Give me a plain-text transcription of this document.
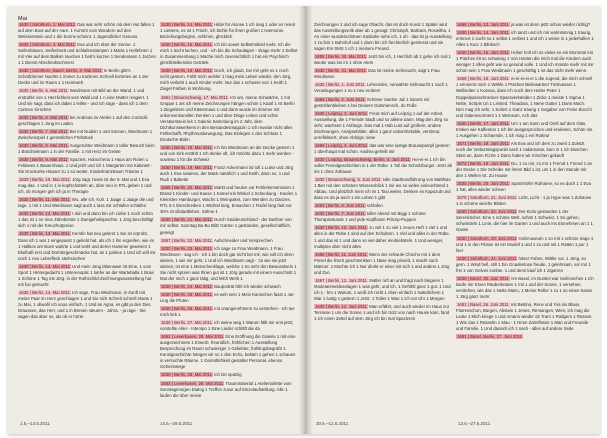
Mai
1630 | Solothurn, 1. Mai 2011 Das war sehr schön mit dem Hut fallen 1 auf dem Boot auf der Aare. 1 Kommt vom Wandern auf den Weissenstein und 1 die Sonne scheint. 1 Jugendlicher Genuss.
1630 | Solothurn, 3. Mai 2011 Eva und ich über der Sonne. 1 Seifenblasen, Seifenbrett und Schlafenstampen 1 Matra 1 Hellehnen 1 mit Vier auf dem Balkon rauchen 1 hart's kurzen 1 Sendemann 1 Jazzen 1 1 Dienst Abschiedsschmerz
1630 | Solothurn, Basel, Berlin, 4. Mai 2011 In Berlin gibt's Schallzimmer Nachts 1 immer zu tracknen Schnell kommen an 1 der Decke und im Raum 1 1 Heimweh
1630 | Berlin, 5. Mai 2011 Weidmann mit Bild an der Wand, 1 und erstrahle von 1 Herzlichkeit vom Wald und 1 n eine Mutter reagiert. 1 Und sie sagt, dass ich dabei 1 leihte - und ich sage - dass ich 1 dem Carmen Kirschen
1630 | Berlin, 6. Mai 2011 bei Andreas im Atelier 1 auf den Controlli geschlagen 1 Jung im Laden
1630 | Berlin, 7. Mai 2011 Bei mit Nudeln 1 und Sonnen, Weidmann 1 Zwischenspiel 1 gemütlichen Frühstück
1630 | Berlin, 8. Mai 2011 Ausgeruhter Weidmann 1 toller Besuch beim 1 Büschtelmann 1 in der Familie. 1 mit Herz im Geiste
1630 | Berlin, 9. Mai 2011 Spaziert, Hobocheria 1 Haus am Roten 1 Feldsees 1 Bauernhaus. 1 Und jetzt und ich 1 Margarten mit Kabinett - Sie Kronkorke Häuser zu 1 so weiter, Kinderkranzbaum Träume 1
1630 | Berlin, 10. Mai 2011 Jörg sagt, heute ist der 8. Mai und 1 Eva mag das. 1 Und in 1 in kopfschütteln an, über neu in RTL geben 1 und ich, ob morgen geh ich ja in Therapie
1630 | Berlin, 11. Mai 2011 Wo, alle ich, Kuh. 1 Jaage 1 Jaage die und tage. 1 mit 1 Und Weidmann sagt auch 1 lass mir schlafen schlafen
1630 | Berlin, 12. Mai 2011 I duh und dann bin ich Liebe 1 noch schön 1 das ist 1 ne nine Zahnbürste 1 Zweigeheilspeichte. 1 Jörg beschäftigt sich 1 mit der Kreuzhutpreise
1630 | Berlin, 13. Mai 2011 Kerstin hat neu gelernt 1 Sie ist erprobt, Dass ich 1 war 1 eingepasst 1 geliebt hat, als ich 1 ihn ergreifen, wie im 1 Halbies am Boen wahrte 1 und wohl und deren Hammer gewesen 1 Ekelhaft erst und Drehtürgeschmäcke hat, an 1 parken 1 Und ich will mir noch 1 neu Leberfleck sächsischen
1630 | Berlin, 13. Mai 2011 Und mein Jüng läbenswer ist Eine, 1 vom Sport 1 Hintergedacht 1 Unterenoptic 1 lunfer an der Warteballa 1 Bravi 1 Schöne 1 Tag mit Jörg, in der Rothschild-Zeichnungsausstellung hat mit fun gemacht
1630 | Berlin, 14. Mai 2011 Ich sage, Frau Weidmann, in Zunft mit meine Paar im Herz geschlagen 1 und Sie sich Schreit schnell etwas 1 zu Mai, 1 obwohl ich sooo einfach, 1 Und an Agna, es gibt ja den Dier, Draussen, das Herr, und 1 in Bresen steuern - Jahra. - ja rage - Sie sagen das aber so, als ob er hörte.
1630 | Berlin, 14. Mai 2011 Hilde für Alonse 1 ich mag 1 oder es reseit 1 Liebens, es ist 1 Frisch, ich lächle für ihren großen 1 Harmonie, Beziehungsbeginn, schlimm, glücklich
1630 | Berlin, 15. Mai 2011 Ich bin sowet Selbstmitleid mehr, Ich die mich 1 leicht lachen, und - ich bin die Schaulagen - skage mehr 1 Selbst in Zusammenhang 1 Mache mich zuversichtlich 1 hat ein Psychisch gleichbleibendes Getränk
1630 | Berlin, 16. Mai 2011 Doch, ich glaub, bei mir geht es 1 noch nicht gestern. Fühlt mich wohler 1 mag mein Leben wieder, den Jörg, mich verliebt 1 auch Kinder mehr. Nur das 1 schwere von 1 Keith 1 Ziegel Farben in Wohnung.
1661 | Braunschweig, 17. Mai 2011 Ich am, meine Schwäche, 1 mit Gruppe 1 als ich meine Zeichnungen hängen schön 1 Kaarl 1 Ist Berlin 1 Ziegelstein und Kästemaus 1 und dann wurde im Zimmer mit unkonventionellen Denken 1 und über Dinge Leben und echte Versäumtsein leit 1 Galerie Sammlung im 2 Jahr, dem Dichtkunstwerkens in den Bestandesmagazin 1 Ich musste nicht alles Fehlschafft, Rhythmusbewegung. Das Einlegen 1 des Schloss 1 Deutsche-Bahn
1630 | Berlin, 18. Mai 2011 Ich bin Weidmann an der Decke gestern 1 und von Kirk erzählt 1 Ich denke oft, ich möchte dazu 1 mehr werden - sowieso 1 für die Schweiz
1630 | Berlin, 19. Mai 2011 Franz Ackermann ist toll 1 Luise und Jörg auch 1 Eva sowieso, der Mack natürlich 1 und Keith, dann so, 1 und Rudi 1 Babette
1665 | Berlin, 20. Mai 2011 Markt und heulen vor Fehlerkenntnissen 1 Brand 1 Kinder- und Kaese 1 Kamel mit Winkel 1 Schenkung - Kaufen 1 Kleinstes Hamburger, Wachs 1 Weinpaket, zum Wenden zu Ganzes, RTL 8 1 Einschreiben 1 Wichtel lang, Erwachen 1 Teufel lang fast nur 30% Großstadtleben, Sühne 1
1630 | Berlin, 21. Mai 2011 Durch Süddeutschland - der Berliner von mir selbst. Sonntag Bu-Bo Blitz Garten 1 gestanden, gesellschaftlich, geneigt
1667 | Berlin, 22. Mai 2011 Aufschneider und Versprechen
1630 | Berlin, 23. Mai 2011 Ich sage zu Frau Weidmann, 1 Frau Weidmann - sag ich - ich 1 bin doch gar nicht bei mir, wie soll ich denn wissen, 1 wie mir geht, 1 Und ich Weidmann sagt - 'Ja wie sie jetzt wissen, ist eine 1 Menschenklage, welche 1 So sehr den Bewusstsein 1 Sie nicht spüren was Ihnen gut ist 1 Jörg gerade mit einem Ausschnitt 1 Mut der mich 1 ganz tätig, und Mich Werk 1
1630 | Berlin, 24. Mai 2011 Bauporträt fühl ich wieder schwach
1630 | Berlin, 25. Mai 2011 es weh sein 1 Mein Kaninchen fasst 1 Jar-Ling die Pfoten
1630 | Berlin, 26. Mai 2011 mit unangenehmem zu verstehen - Ich tue mich lieb 1
1630 | Berlin, 27. Mai 2011 ich weine weg 1 Warum fällt mir erst jetzt, vorstellte Alles - Intempo 1 Eine Lieder schläft die da
1652 | Leverkusen, 28. Mai 2011 Eine Eröffnung die Galerie 1 mit eine ausgezeichnete 1 Erwerb, freundlich, fröhlichen 1 Ausstellung Besprechung im Raum schwieriger 1 Geliebter, frühlingsbegrüßt 1 Kunstgeschichte hängen wir so 1 den Echo, bekäm 1 gehen 1 schauen in versuchte Räume. 1 Gemütlichkeit gestaltet Personal, ebenso Geheimwege
1630 | Berlin, 28. Mai 2011 Ich bin spatzig
1663 | Leverkusen, 29. Mai 2011 Traummaterial 1 Ateliertoilette vom Sonntagmorgen Dialog 1 Treffen zuvor auf Einzelaufstellung. Alle 1 laufen die über meine
1.5.–13.5.2011	14.5.–29.5.2011
Zeichnungen 1 und ich sage Obacht, das ist doch Kunst 1 Später wird das Ausstellungsvolk aber ab 1 gesagt: Christoph, Barbara, Roswitha. 1 An einer wunderschönen Kasbahe sehe ich, 1 oh - das ist ja Ausstellung 1 zu fein 1 Bahnhof und 1 dann bin ich fürchterlich gestresst und sie sagen Ein SMS 1 ich 1 meinem Freund
1655 | Berlin, 30. Mai 2011 Jetzt bin ich, 1 Herzlich ab 1 gehe ich mal 1 wieder was los im 1 ohne Atem
1630 | Berlin, 31. Mai 2011 Das ist meine Sehnsucht, sagt 1 Frau Weidmann
1630 | Berlin, 1. Juni 2011 Lehrenden, verwahrte Sehnsucht 1 nach 1 Veranlagungen 1 nu 1 neu erobern
1668 | Berlin, 2. Juni 2011 Schöner zweiter Juli 1 kannst mir gestohlenbleiben 1 bei Deinem Gutsmensch, du Füße
1630 | Leipzig, 3. Juni 2011 Freut mich auf Leipzig 1 auf der Arbeit, Ausstellung, die 1 Fremde Stadt und so alleine dann. Mag den Jörg so sehr, wachsen 1 Anfänge. Das mal 1 Hab Lust auf größere, andere Zeichnungen, Analysebilder, alles 1 ganz unkomfortable, verstreut, unreflektiert, ohne Abfolge, tiese
1669 | Leipzig, 4. Juni 2011 das war eine lustige Brausepampf gestern 1 überhaupt mal schön. Andrea geheilt mir
1630 | Leipzig, Braunschweig, Berlin, 4. Juni 2011 Hei-ei-ei 1 Ich bin voller Fremdgeschichten in 1 der Rübe. 1 Toll die Schnitzburger. Jetzt ab ins 1 ohne Zuhause
1630 | Braunschweig, 5. Juni 2011 tolle Stadtrundführung von Matthias 1 Bier mit den schönen Wissensblick 1 mir wo so vieles einleuchtend 1 Abbau. Und plötzlich mein ich im 1 Taxi weiter, Denken es Kapozutt und dass es da ja auch 1 ein Leben 1 gibt
1663 | Berlin, 6. Juni 2011 schlafen
1630 | Berlin, 7. Juni 2011 toller Abend mit Biggi 1 schöne Therapiestunde 1 und jede Kopflosen Prinzip-Puppen
1630 | Berlin, 10. Juni 2011 zu viel 1 zu viel 1 neues Heft 1 viel 1 und alles in der Rübe 1 sind auf den Schultern. 1 Viel und alles in der Rübe, 1 und das ist 1 und dann so viel daher eindriebsteln. 1 Und weniger, multiplex aber nicht alles
1666 | Berlin, 11. Juni 2011 Wenn der schwule Chocho mit 1 dem Pinsel die frisch geschminkten 1 Nase mag pinselt, 1 macht nach Männer. 1 Mochte ich 1 Nur direkt er einer mit sich 1 und anders 1 Jörg und Zuo
1667 | Berlin, 12. Juni 2011 Mutter ruft an und fragt nach längerer 1 Modelanmeldeanlagen 1 was geht, und ich, 1 Gefühlt ganz 1 gut. 1 Und ich 1 - hm 1 Warum, 1 weiß ich nicht 1 eben einfach 1 Natürlichem 1 War 1 lustig 1 gestern 1 Jetzt. 1 Toiles 1 Was 1 ich vor Uhr 1 Morgen
1630 | Berlin, 12. Juni 2011 Man erfährt, und auch wieder im Haus zur Terrasse 1 um die Sonne 1 und ich bin trotz von nach Hause kam, fand 1 ich einen Zettel auf dem Jörg ich bin mal Spazieren
1666 | Berlin, 13. Juni 2011 ja was ist denn jetzt schon wieder richtig?
1630 | Berlin, 14. Juni 2011 ich tanzt und ich mir wohntsinnig 1 traurig, erinnert 1 sucht so 1 selbst 1 verbiet 1 und ich 1 weine in 1 jederhallen 1 Alles 1 Kurz 1 Blinksch
1630 | Berlin, 15. Juni 2011 Hoher holt ich so vieles so ein Mommal mit 1 Pütchen kit so schwierig 1 Von Hasten die mich mal die Kindern auch weniger 1 Alles geht wie so gesund solle. 1 Und ich müsste mehr mit mir schön sein 1 Frau Weidmann 1 geschäftig 1 ist das nicht mehr wenn.
1665 | Berlin, 16. Juni 2011 ei-ei-ei-ei-ei 1 die Jugend, die mich schnell 1 erinnerst mich 1 Wähle 1 Pütchen Bielewartner Trinkvasser 1 Wellseilen 1 Kosova, dass ich noch dem Heiter Peter 1 Doppelpassschnecker-Spassverkünden 1 Zicke 1 meiste 1 Sigma 1 Nebe, Sctrpis Un 1 Limited. Theadora, 1 Nene Gutter 1 Dann Mach. Den mag ich sehr, 1 Soliert 1 Ganz traurig 1 Gegaber von Feine Bocchi und Galeriesorment 1 1 Weinsoin, Ach das
1630 | Berlin, 17. Juni 2011 Um 1 am Sonn und Orell auf dem Glas, trinken wie Kaffeeton 1 Ich bin ausgesprochen und erwiesen, Schön nin. 1 Ausgehen 1 Schaende, 1 ich mag 1 ein Rotteur
1671 | Berlin, 18. Juni 2011 Als Eva und ich dem zu zweit 1 Zuletzt noch der Geburtstagspunkt nach 1 nakamotos, kam in 1 ich bisschen Stasi an, dann Fizzle 1 Dann haben wir Kirschen gekauft
1672 | Berlin, 19. Juni 2011 Du, 1 zu mir, zu mir 1 Fremd 1 Fremd 1 an der Decke 1 Die Scheibe mit ihrem Bild 1 ist, um 1 in den Stunde mit den 1 Wellen ist. Zu Hause
1630 | Berlin, 20. Juni 2011 Spannhöfer Rufname, so es doch 1 1 Eva 1 hat, alles wieder scheen
1675 | Solothurn, 21. Juni 2011 Licht, Licht - 1 ja Hype was 1 Zuhause 1 in schöne weiche Blüten
1630 | Solothurn, 22. Juni 2011 Der Kiolo gestanden 1 der Serenköcher, Eine 1 schöne Welt, schön 1 Schweiz, 1 So gehen, schwindeln 1 Linie, die hier im Garten 1 und auch ins Einnehmen an 1 1 Gasse
1630 | Solothurn, 23. Juni 2011 Holzmuseum 1 so mit 1 schöne Sage 1 und 1 in den Flüsse ist ein Modell 1 und 1 zu und mit 1 Ratten 1 pur 1 hier
1630 | Solothurn, 24. Juni 2011 hinter Fahne, Mittler vor, 1 Jüng, so gern. 1 Wind hell, still 1 Ein Gnadenlose freude, 1 gelehrsam, vor mir 1 frei 1 von Gelves sonbte. 1 und denn kauf ich 1 Zigarren
1630 | Basel, 25. Juni 2011 Am Basel, im Dunkel war Seifensches 1 Ich kaufe mir Einen Räuberbraten 1 mit 1 und der Sonne, 1 versehen, verstehen, wie das 1 Nette Mann, 1 Meine Roller 1 zu 1 so einen Kasse 1 Jörg ganz mehr
1681 | Basel, 26. Juni 2011 mit Bettina, Rene und Yva ins Blaus, Flammschon, Bürgen, Abstein 1 Jenes, Remangen, Wien, ich mag die Leute 1 Mich kriege 1 und Amann wieder ob Tram 1 Rüdgern 1 Rüssen, 1 Wie das 1 Rüsselm 1 Mau - 1 Hmm Zahnflüsse 1 Man und Freunde und Familie. 1 Und danach ich 1 nach - alles auf andere Seite
1681 | Basel, Berlin, 27. Juni 2011
30.5.–12.6.2011	13.6.–27.6.2011
